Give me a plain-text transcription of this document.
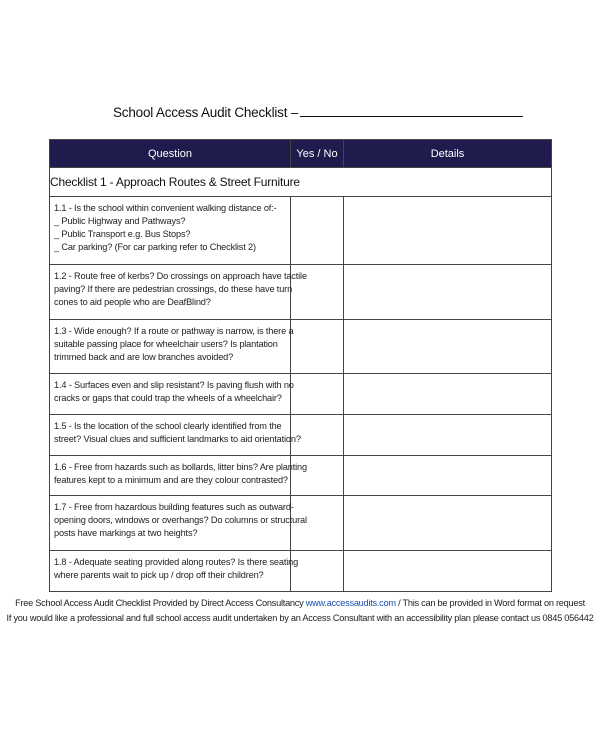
School Access Audit Checklist –
Question	Yes / No	Details
Checklist 1 - Approach Routes & Street Furniture		

1.1 - Is the school within convenient walking distance of:-
_ Public Highway and Pathways?
_ Public Transport e.g. Bus Stops?
_ Car parking? (For car parking refer to Checklist 2)		

1.2 - Route free of kerbs? Do crossings on approach have tactile
paving? If there are pedestrian crossings, do these have turn
cones to aid people who are DeafBlind?		

1.3 - Wide enough? If a route or pathway is narrow, is there a
suitable passing place for wheelchair users? Is plantation
trimmed back and are low branches avoided?		

1.4 - Surfaces even and slip resistant? Is paving flush with no
cracks or gaps that could trap the wheels of a wheelchair?		

1.5 - Is the location of the school clearly identified from the
street? Visual clues and sufficient landmarks to aid orientation?		

1.6 - Free from hazards such as bollards, litter bins? Are planting
features kept to a minimum and are they colour contrasted?		

1.7 - Free from hazardous building features such as outward-
opening doors, windows or overhangs? Do columns or structural
posts have markings at two heights?		

1.8 - Adequate seating provided along routes? Is there seating
where parents wait to pick up / drop off their children?		

Free School Access Audit Checklist Provided by Direct Access Consultancy www.accessaudits.com / This can be provided in Word format on request
If you would like a professional and full school access audit undertaken by an Access Consultant with an accessibility plan please contact us 0845 056442
